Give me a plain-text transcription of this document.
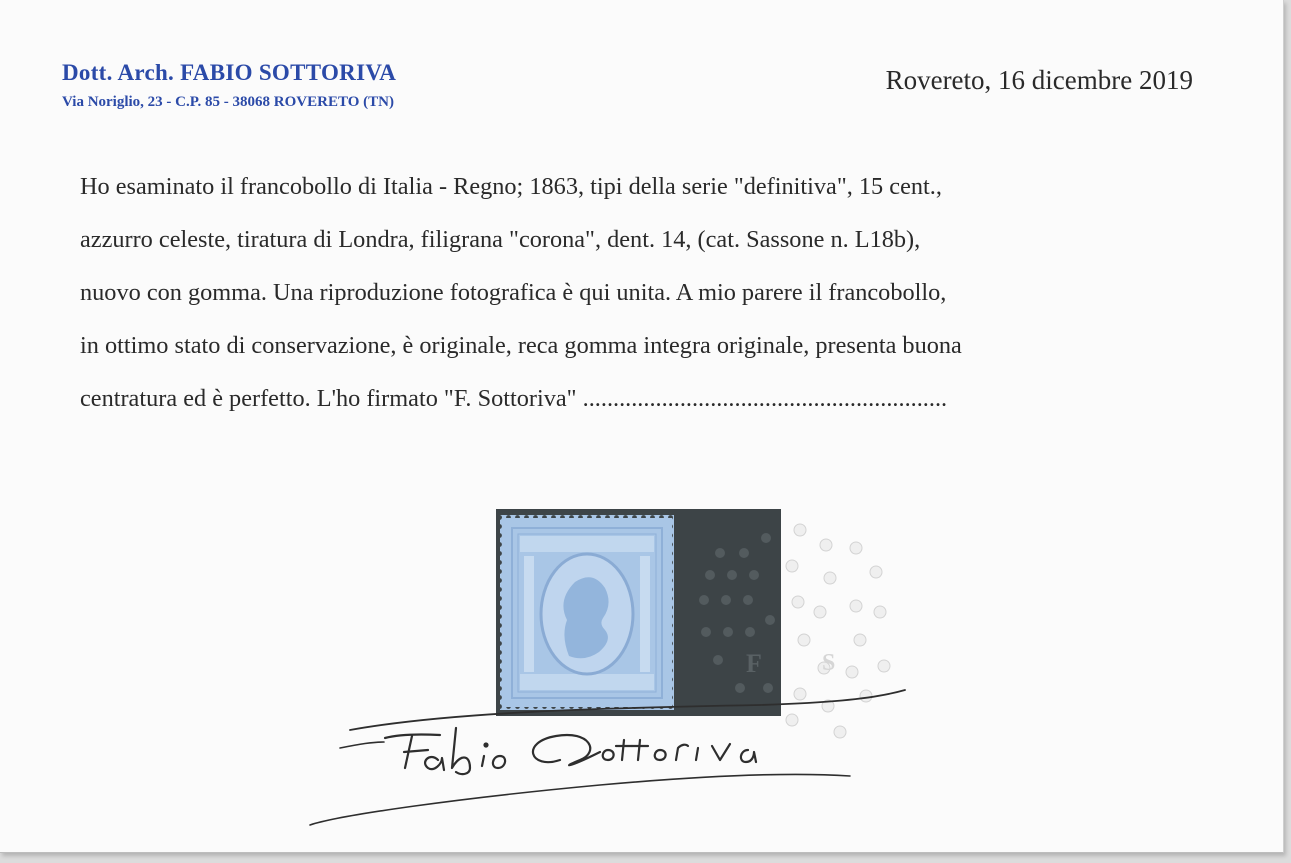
Dott. Arch. FABIO SOTTORIVA
Via Noriglio, 23 - C.P. 85 - 38068 ROVERETO (TN)
Rovereto, 16 dicembre 2019
Ho esaminato il francobollo di Italia - Regno; 1863, tipi della serie "definitiva", 15 cent.,
azzurro celeste, tiratura di Londra, filigrana "corona", dent. 14, (cat. Sassone n. L18b),
nuovo con gomma. Una riproduzione fotografica è qui unita. A mio parere il francobollo,
in ottimo stato di conservazione, è originale, reca gomma integra originale, presenta buona
centratura ed è perfetto. L'ho firmato "F. Sottoriva" ............................................................
F	S
